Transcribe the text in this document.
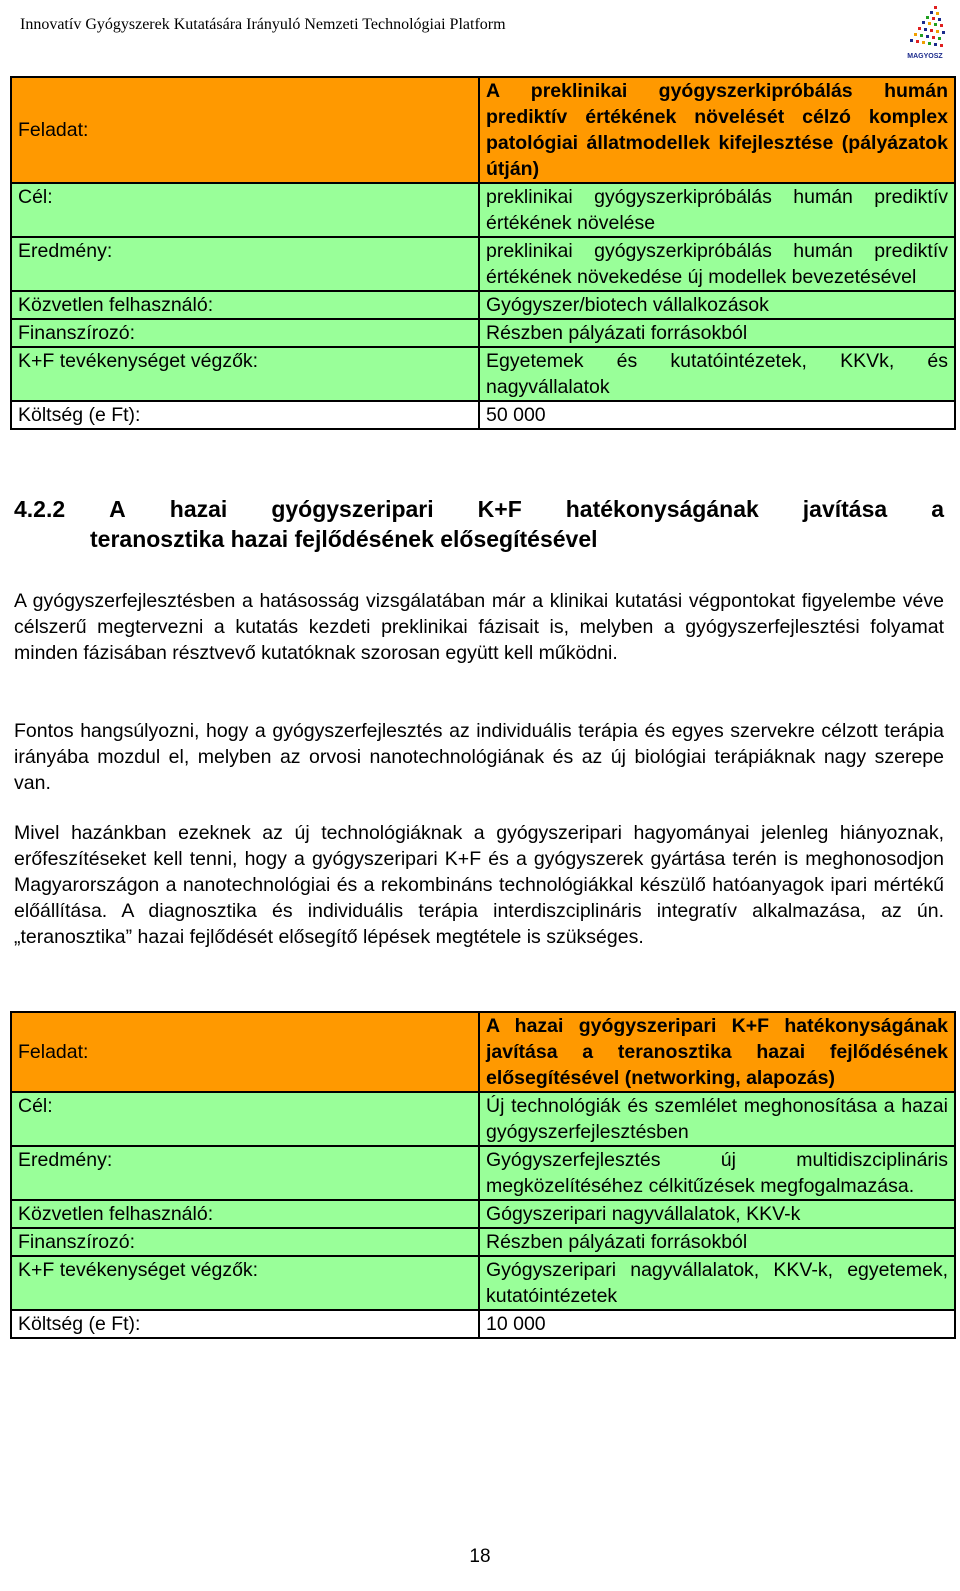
Innovatív Gyógyszerek Kutatására Irányuló Nemzeti Technológiai Platform
MAGYOSZ
Feladat:	A preklinikai gyógyszerkipróbálás humán prediktív értékének növelését célzó komplex patológiai állatmodellek kifejlesztése (pályázatok útján)
Cél:	preklinikai gyógyszerkipróbálás humán prediktív értékének növelése
Eredmény:	preklinikai gyógyszerkipróbálás humán prediktív értékének növekedése új modellek bevezetésével
Közvetlen felhasználó:	Gyógyszer/biotech vállalkozások
Finanszírozó:	Részben pályázati forrásokból
K+F tevékenységet végzők:	Egyetemek és kutatóintézetek, KKVk, és nagyvállalatok
Költség (e Ft):	50 000
4.2.2 A hazai gyógyszeripari K+F hatékonyságának javítása a
teranosztika hazai fejlődésének elősegítésével
A gyógyszerfejlesztésben a hatásosság vizsgálatában már a klinikai kutatási végpontokat figyelembe véve célszerű megtervezni a kutatás kezdeti preklinikai fázisait is, melyben a gyógyszerfejlesztési folyamat minden fázisában résztvevő kutatóknak szorosan együtt kell működni.
Fontos hangsúlyozni, hogy a gyógyszerfejlesztés az individuális terápia és egyes szervekre célzott terápia irányába mozdul el, melyben az orvosi nanotechnológiának és az új biológiai terápiáknak nagy szerepe van.
Mivel hazánkban ezeknek az új technológiáknak a gyógyszeripari hagyományai jelenleg hiányoznak, erőfeszítéseket kell tenni, hogy a gyógyszeripari K+F és a gyógyszerek gyártása terén is meghonosodjon Magyarországon a nanotechnológiai és a rekombináns technológiákkal készülő hatóanyagok ipari mértékű előállítása. A diagnosztika és individuális terápia interdiszciplináris integratív alkalmazása, az ún. „teranosztika” hazai fejlődését elősegítő lépések megtétele is szükséges.
Feladat:	A hazai gyógyszeripari K+F hatékonyságának javítása a teranosztika hazai fejlődésének elősegítésével (networking, alapozás)
Cél:	Új technológiák és szemlélet meghonosítása a hazai gyógyszerfejlesztésben
Eredmény:	Gyógyszerfejlesztés új multidiszciplináris megközelítéséhez célkitűzések megfogalmazása.
Közvetlen felhasználó:	Gógyszeripari nagyvállalatok, KKV-k
Finanszírozó:	Részben pályázati forrásokból
K+F tevékenységet végzők:	Gyógyszeripari nagyvállalatok, KKV-k, egyetemek, kutatóintézetek
Költség (e Ft):	10 000
18
